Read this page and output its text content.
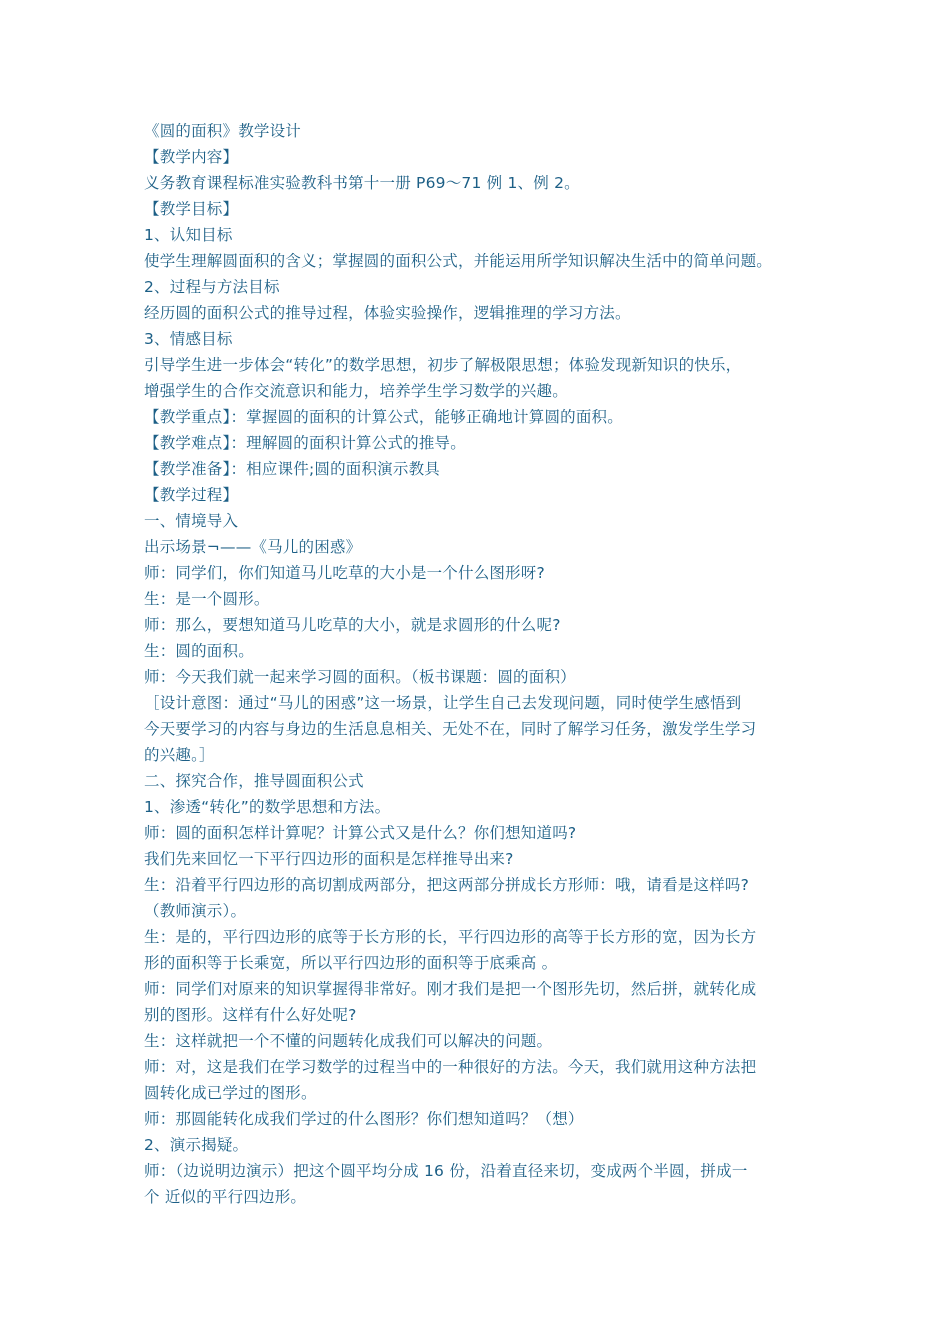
《圆的面积》教学设计
【教学内容】
义务教育课程标准实验教科书第十一册 P69～71 例 1、例 2。
【教学目标】
1、认知目标
使学生理解圆面积的含义；掌握圆的面积公式，并能运用所学知识解决生活中的简单问题。
2、过程与方法目标
经历圆的面积公式的推导过程，体验实验操作，逻辑推理的学习方法。
3、情感目标
引导学生进一步体会“转化”的数学思想，初步了解极限思想；体验发现新知识的快乐，
增强学生的合作交流意识和能力，培养学生学习数学的兴趣。
【教学重点】：掌握圆的面积的计算公式，能够正确地计算圆的面积。
【教学难点】：理解圆的面积计算公式的推导。
【教学准备】：相应课件;圆的面积演示教具
【教学过程】
一、情境导入
出示场景¬——《马儿的困惑》
师：同学们，你们知道马儿吃草的大小是一个什么图形呀?
生：是一个圆形。
师：那么，要想知道马儿吃草的大小，就是求圆形的什么呢?
生：圆的面积。
师：今天我们就一起来学习圆的面积。（板书课题：圆的面积）
［设计意图：通过“马儿的困惑”这一场景，让学生自己去发现问题，同时使学生感悟到
今天要学习的内容与身边的生活息息相关、无处不在，同时了解学习任务，激发学生学习
的兴趣。］
二、探究合作，推导圆面积公式
1、渗透“转化”的数学思想和方法。
师：圆的面积怎样计算呢？计算公式又是什么？你们想知道吗?
我们先来回忆一下平行四边形的面积是怎样推导出来?
生：沿着平行四边形的高切割成两部分，把这两部分拼成长方形师：哦，请看是这样吗?
（教师演示）。
生：是的，平行四边形的底等于长方形的长，平行四边形的高等于长方形的宽，因为长方
形的面积等于长乘宽，所以平行四边形的面积等于底乘高 。
师：同学们对原来的知识掌握得非常好。刚才我们是把一个图形先切，然后拼，就转化成
别的图形。这样有什么好处呢?
生：这样就把一个不懂的问题转化成我们可以解决的问题。
师：对，这是我们在学习数学的过程当中的一种很好的方法。今天，我们就用这种方法把
圆转化成已学过的图形。
师：那圆能转化成我们学过的什么图形？你们想知道吗？（想）
2、演示揭疑。
师：（边说明边演示）把这个圆平均分成 16 份，沿着直径来切，变成两个半圆，拼成一
个 近似的平行四边形。
